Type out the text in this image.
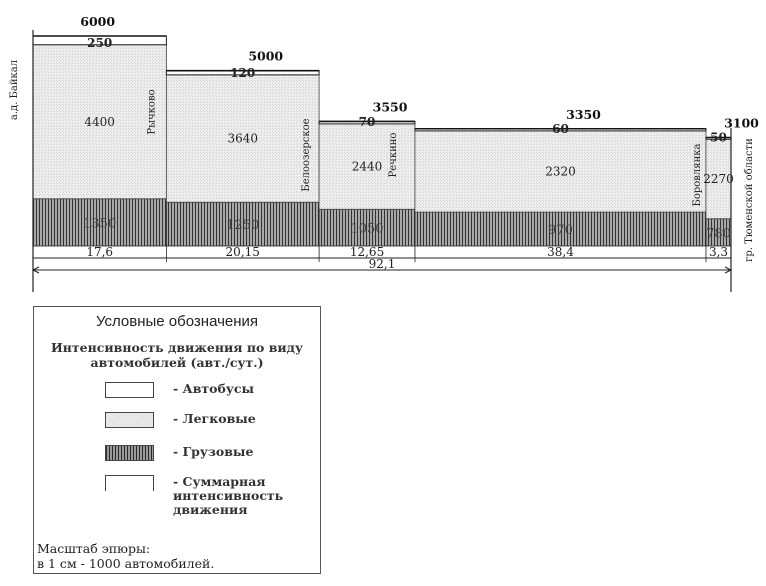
1350
4400
250
6000
17,6
1250
3640
120
5000
20,15
1050
2440
70
3550
12,65
970
2320
60
3350
38,4
780
2270
50
3100
3,3
92,1
а.д. Байкал
гр. Тюменской области
Рычково
Белоозерское	Речкино	Боровлянка
Условные обозначения
Интенсивность движения по виду
автомобилей (авт./сут.)
- Автобусы
- Легковые
- Грузовые
- Суммарная
интенсивность
движения
Масштаб эпюры:
в 1 см - 1000 автомобилей.
